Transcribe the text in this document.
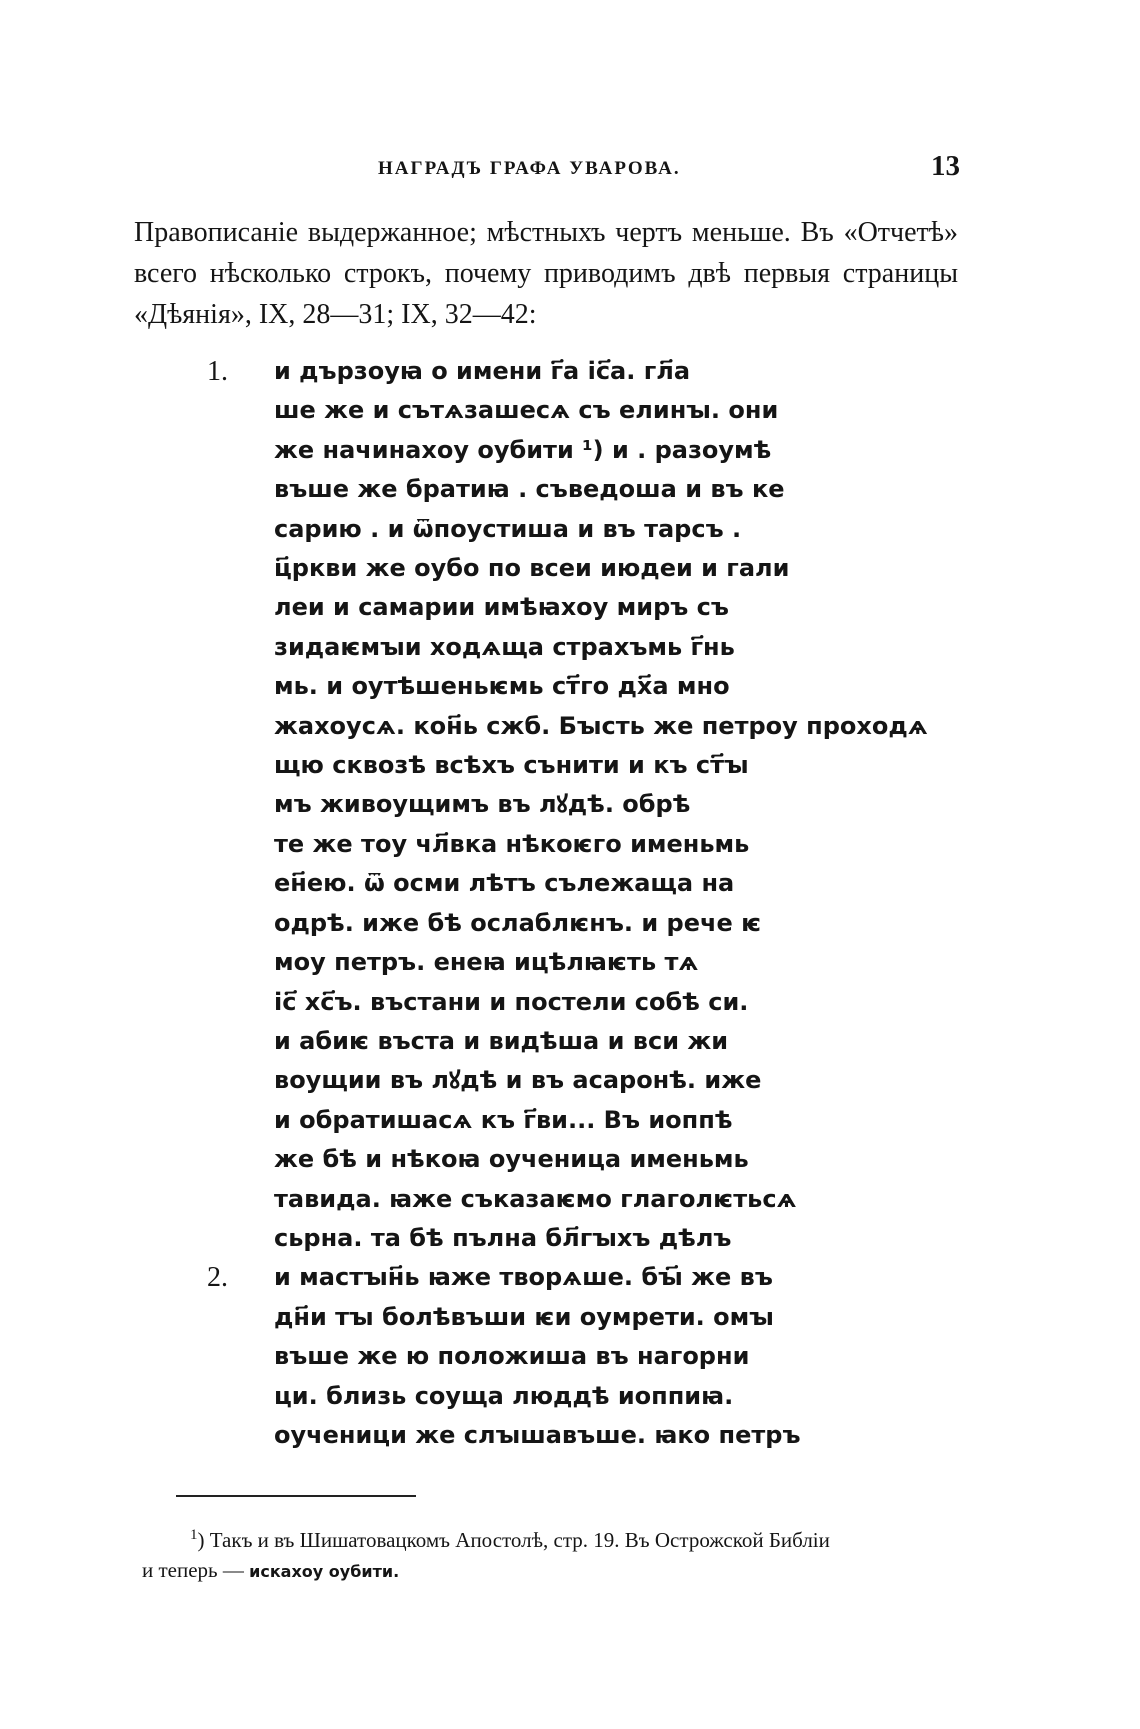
НАГРАДЪ ГРАФА УВАРОВА.	13

Правописаніе выдержанное; мѣстныхъ чертъ меньше. Въ «Отчетѣ» всего нѣсколько строкъ, почему приводимъ двѣ первыя страницы «Дѣянія», IX, 28—31; IX, 32—42:

1.	и дързоуꙗ о имени г҃а іс҃а. гл҃а
ше же и сътѧзашесѧ съ елинꙑ. они
же начинахоу оубити ¹) и . разоумѣ
въше же братиꙗ . съведоша и въ ке
сарию . и ѿпоустиша и въ тарсъ .
ц҃ркви же оубо по всеи июдеи и гали
леи и самарии имѣꙗхоу миръ съ
зидаѥмꙑи ходѧща страхъмь г҃нь
мь. и оутѣшеньѥмь ст҃го дх҃а мно
жахоусѧ. кон҃ь сжб. Бꙑсть же петроу проходѧ
щю сквозѣ всѣхъ сънити и къ ст҃ꙑ
мъ живоущимъ въ лꙋдѣ. обрѣ
те же тоу чл҃вка нѣкоѥго именьмь
ен҃ею. ѿ осми лѣтъ сълежаща на
одрѣ. иже бѣ ослаблѥнъ. и рече ѥ
моу петръ. енеꙗ ицѣлꙗѥть тѧ
іс҃ хс҃ъ. въстани и постели собѣ си.
и абиѥ въста и видѣша и вси жи
воущии въ лꙋдѣ и въ асаронѣ. иже
и обратишасѧ къ г҃ви... Въ иоппѣ
же бѣ и нѣкоꙗ оученица именьмь
тавида. ꙗже съказаѥмо глаголѥтьсѧ
сьрна. та бѣ пълна бл҃гꙑхъ дѣлъ
2.	и мастꙑн҃ь ꙗже творѧше. бꙑ҃ же въ
дн҃и тꙑ болѣвъши ѥи оумрети. омꙑ
въше же ю положиша въ нагорни
ци. близь соуща люддѣ иоппиꙗ.
оученици же слꙑшавъше. ꙗко петръ
$^1$) Такъ и въ Шишатовацкомъ Апостолѣ, стр. 19. Въ Острожской Библіи
и теперь — искахоу оубити.
